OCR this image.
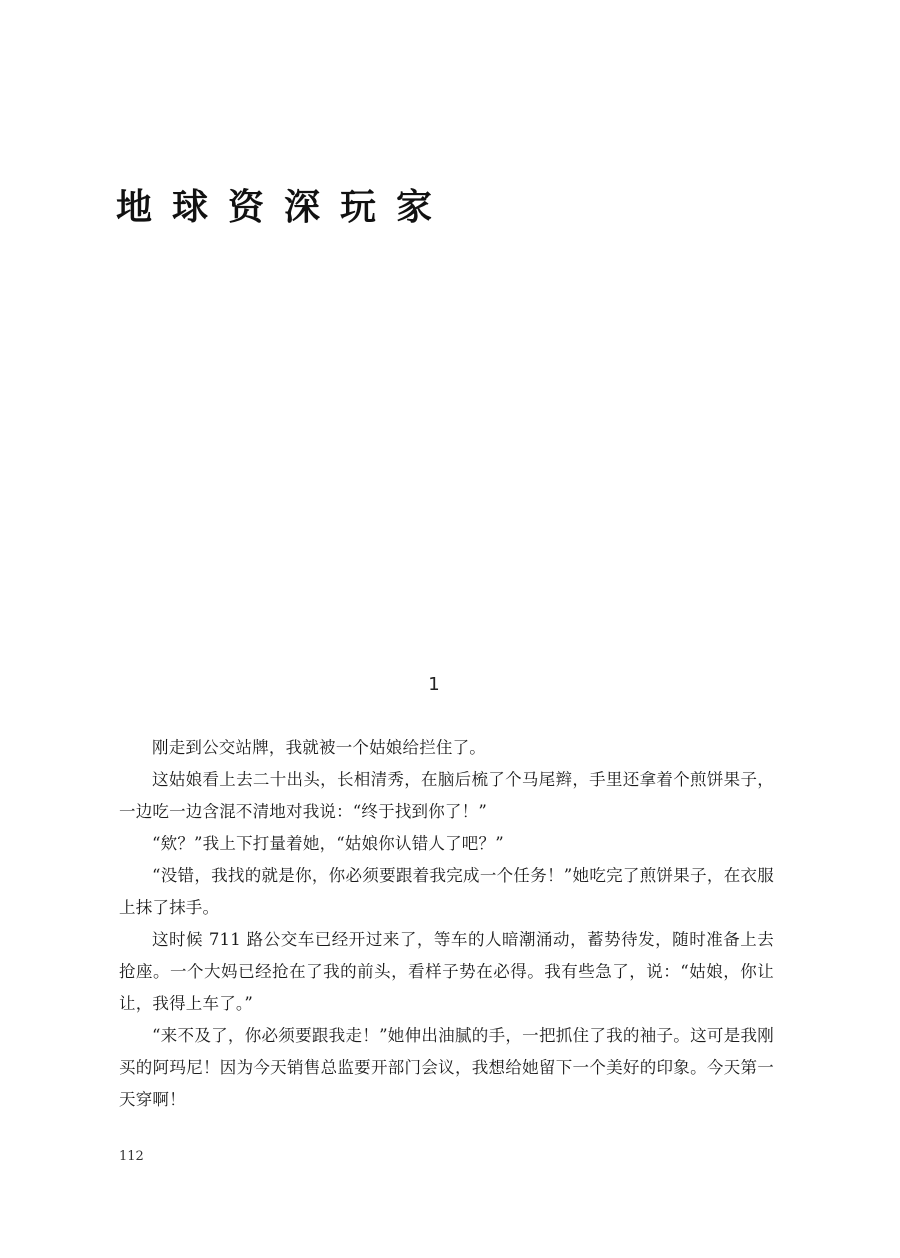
地球资深玩家
1

刚走到公交站牌，我就被一个姑娘给拦住了。

这姑娘看上去二十出头，长相清秀，在脑后梳了个马尾辫，手里还拿着个煎饼果子，一边吃一边含混不清地对我说：“终于找到你了！”

“欸？”我上下打量着她，“姑娘你认错人了吧？”

“没错，我找的就是你，你必须要跟着我完成一个任务！”她吃完了煎饼果子，在衣服上抹了抹手。

这时候 711 路公交车已经开过来了，等车的人暗潮涌动，蓄势待发，随时准备上去抢座。一个大妈已经抢在了我的前头，看样子势在必得。我有些急了，说：“姑娘，你让让，我得上车了。”

“来不及了，你必须要跟我走！”她伸出油腻的手，一把抓住了我的袖子。这可是我刚买的阿玛尼！因为今天销售总监要开部门会议，我想给她留下一个美好的印象。今天第一天穿啊！

112
